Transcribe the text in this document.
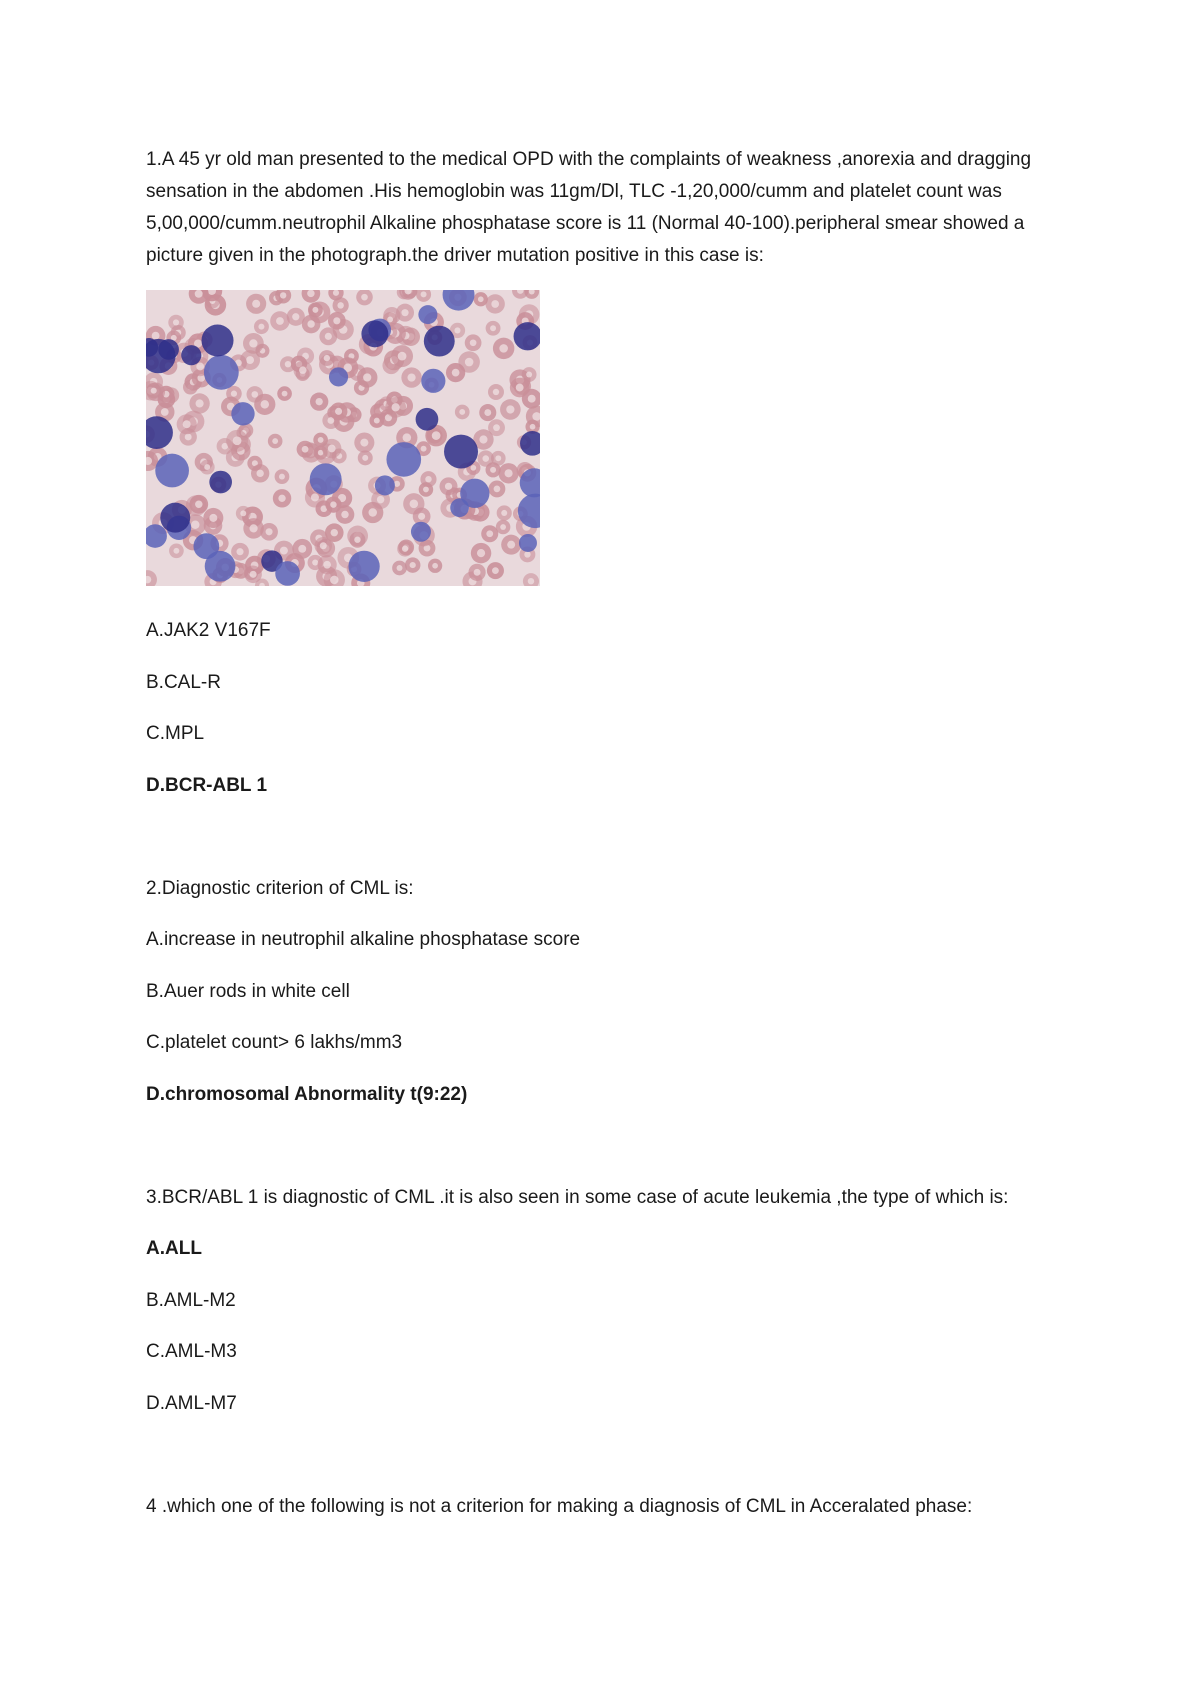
1.A 45 yr old man presented to the medical OPD with the complaints of weakness ,anorexia and dragging sensation in the abdomen .His hemoglobin was 11gm/Dl, TLC -1,20,000/cumm and platelet count was 5,00,000/cumm.neutrophil Alkaline phosphatase score is 11 (Normal 40-100).peripheral smear showed a picture given in the photograph.the driver mutation positive in this case is:

A.JAK2 V167F

B.CAL-R

C.MPL

D.BCR-ABL 1

2.Diagnostic criterion of CML is:

A.increase in neutrophil alkaline phosphatase score

B.Auer rods in white cell

C.platelet count> 6 lakhs/mm3

D.chromosomal Abnormality t(9:22)

3.BCR/ABL 1 is diagnostic of CML .it is also seen in some case of acute leukemia ,the type of which is:

A.ALL

B.AML-M2

C.AML-M3

D.AML-M7

4 .which one of the following is not a criterion for making a diagnosis of CML in Acceralated phase:
